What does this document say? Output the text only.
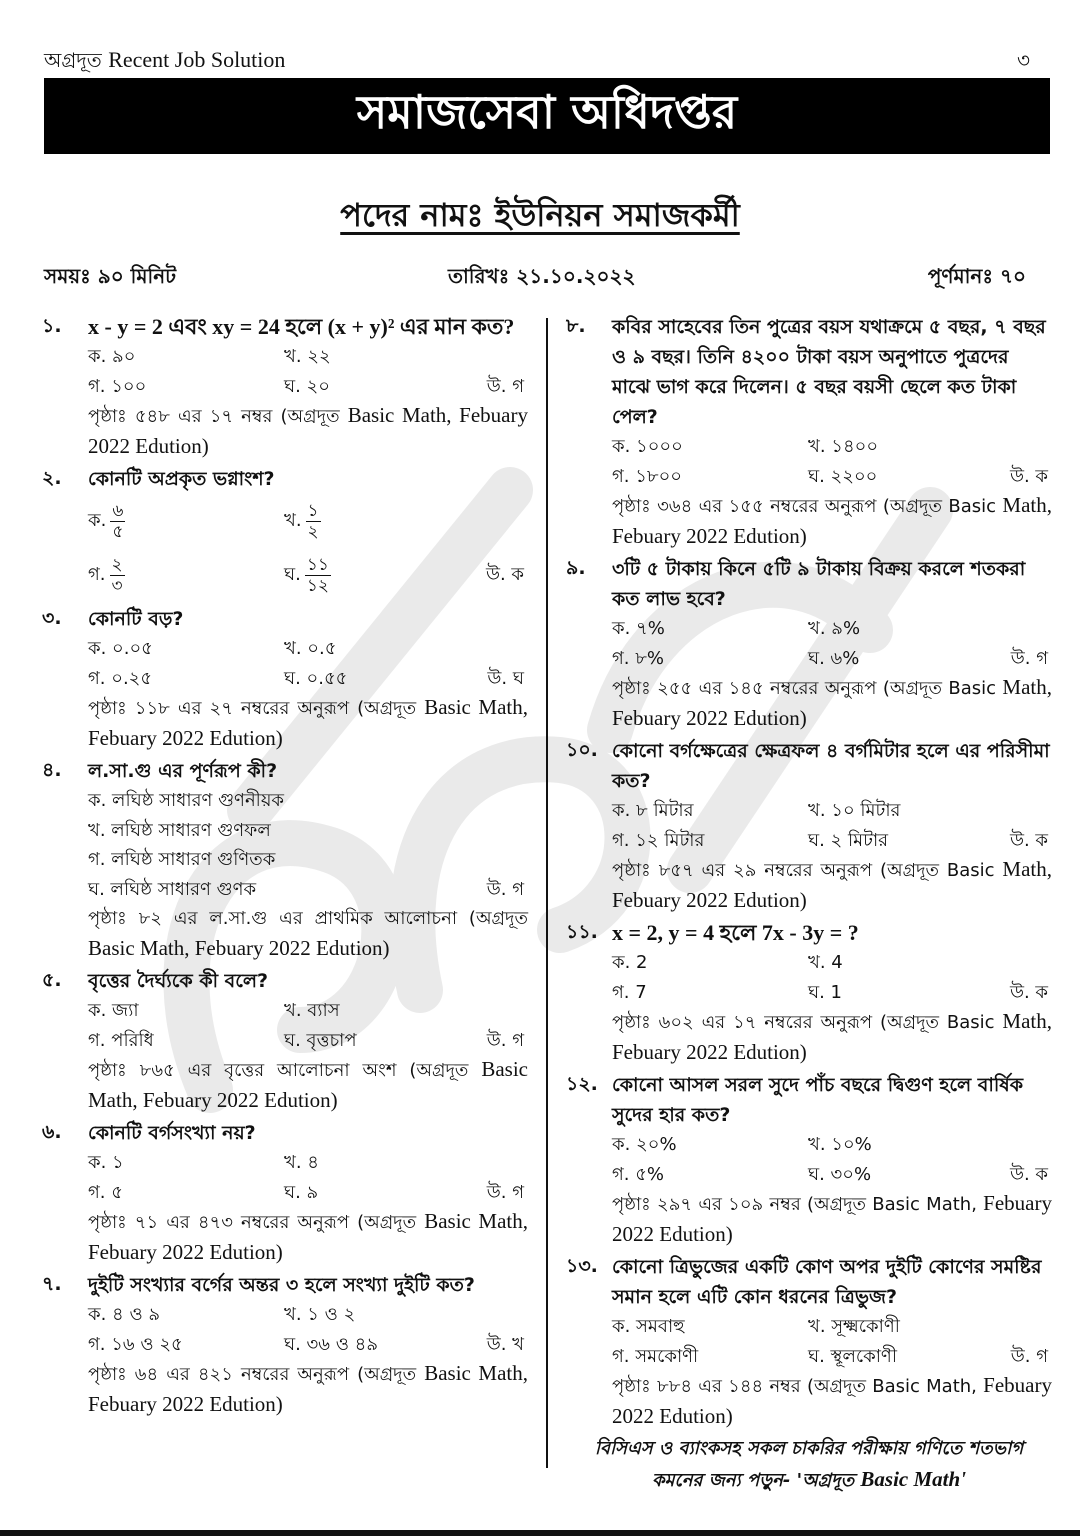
অগ্রদূত Recent Job Solution	৩
সমাজসেবা অধিদপ্তর
পদের নামঃ ইউনিয়ন সমাজকর্মী
সময়ঃ ৯০ মিনিট	তারিখঃ ২১.১০.২০২২	পূর্ণমানঃ ৭০
১.	x - y = 2 এবং xy = 24 হলে (x + y)² এর মান কত?
ক. ৯০	খ. ২২
গ. ১০০	ঘ. ২০	উ. গ
পৃষ্ঠাঃ ৫৪৮ এর ১৭ নম্বর (অগ্রদূত Basic Math, Febuary 2022 Edution)
২.	কোনটি অপ্রকৃত ভগ্নাংশ?
ক. $\frac{৬}{৫}$	খ. $\frac{১}{২}$
গ. $\frac{২}{৩}$	ঘ. $\frac{১১}{১২}$	উ. ক
৩.	কোনটি বড়?
ক. ০.০৫	খ. ০.৫
গ. ০.২৫	ঘ. ০.৫৫	উ. ঘ
পৃষ্ঠাঃ ১১৮ এর ২৭ নম্বরের অনুরূপ (অগ্রদূত Basic Math, Febuary 2022 Edution)
৪.	ল.সা.গু এর পূর্ণরূপ কী?
ক. লঘিষ্ঠ সাধারণ গুণনীয়ক
খ. লঘিষ্ঠ সাধারণ গুণফল
গ. লঘিষ্ঠ সাধারণ গুণিতক
ঘ. লঘিষ্ঠ সাধারণ গুণক	উ. গ
পৃষ্ঠাঃ ৮২ এর ল.সা.গু এর প্রাথমিক আলোচনা (অগ্রদূত Basic Math, Febuary 2022 Edution)
৫.	বৃত্তের দৈর্ঘ্যকে কী বলে?
ক. জ্যা	খ. ব্যাস
গ. পরিধি	ঘ. বৃত্তচাপ	উ. গ
পৃষ্ঠাঃ ৮৬৫ এর বৃত্তের আলোচনা অংশ (অগ্রদূত Basic Math, Febuary 2022 Edution)
৬.	কোনটি বর্গসংখ্যা নয়?
ক. ১	খ. ৪
গ. ৫	ঘ. ৯	উ. গ
পৃষ্ঠাঃ ৭১ এর ৪৭৩ নম্বরের অনুরূপ (অগ্রদূত Basic Math, Febuary 2022 Edution)
৭.	দুইটি সংখ্যার বর্গের অন্তর ৩ হলে সংখ্যা দুইটি কত?
ক. ৪ ও ৯	খ. ১ ও ২
গ. ১৬ ও ২৫	ঘ. ৩৬ ও ৪৯	উ. খ
পৃষ্ঠাঃ ৬৪ এর ৪২১ নম্বরের অনুরূপ (অগ্রদূত Basic Math, Febuary 2022 Edution)
৮.	কবির সাহেবের তিন পুত্রের বয়স যথাক্রমে ৫ বছর, ৭ বছর ও ৯ বছর। তিনি ৪২০০ টাকা বয়স অনুপাতে পুত্রদের মাঝে ভাগ করে দিলেন। ৫ বছর বয়সী ছেলে কত টাকা পেল?
ক. ১০০০	খ. ১৪০০
গ. ১৮০০	ঘ. ২২০০	উ. ক
পৃষ্ঠাঃ ৩৬৪ এর ১৫৫ নম্বরের অনুরূপ (অগ্রদূত Basic Math, Febuary 2022 Edution)
৯.	৩টি ৫ টাকায় কিনে ৫টি ৯ টাকায় বিক্রয় করলে শতকরা কত লাভ হবে?
ক. ৭%	খ. ৯%
গ. ৮%	ঘ. ৬%	উ. গ
পৃষ্ঠাঃ ২৫৫ এর ১৪৫ নম্বরের অনুরূপ (অগ্রদূত Basic Math, Febuary 2022 Edution)
১০. কোনো বর্গক্ষেত্রের ক্ষেত্রফল ৪ বর্গমিটার হলে এর পরিসীমা কত?
ক. ৮ মিটার	খ. ১০ মিটার
গ. ১২ মিটার	ঘ. ২ মিটার	উ. ক
পৃষ্ঠাঃ ৮৫৭ এর ২৯ নম্বরের অনুরূপ (অগ্রদূত Basic Math, Febuary 2022 Edution)
১১. x = 2, y = 4 হলে 7x - 3y = ?
ক. 2	খ. 4
গ. 7	ঘ. 1	উ. ক
পৃষ্ঠাঃ ৬০২ এর ১৭ নম্বরের অনুরূপ (অগ্রদূত Basic Math, Febuary 2022 Edution)
১২. কোনো আসল সরল সুদে পাঁচ বছরে দ্বিগুণ হলে বার্ষিক সুদের হার কত?
ক. ২০%	খ. ১০%
গ. ৫%	ঘ. ৩০%	উ. ক
পৃষ্ঠাঃ ২৯৭ এর ১০৯ নম্বর (অগ্রদূত Basic Math, Febuary 2022 Edution)
১৩. কোনো ত্রিভুজের একটি কোণ অপর দুইটি কোণের সমষ্টির সমান হলে এটি কোন ধরনের ত্রিভুজ?
ক. সমবাহু	খ. সূক্ষ্মকোণী
গ. সমকোণী	ঘ. স্থূলকোণী	উ. গ
পৃষ্ঠাঃ ৮৮৪ এর ১৪৪ নম্বর (অগ্রদূত Basic Math, Febuary 2022 Edution)
বিসিএস ও ব্যাংকসহ সকল চাকরির পরীক্ষায় গণিতে শতভাগ
কমনের জন্য পড়ুন- 'অগ্রদূত Basic Math'
